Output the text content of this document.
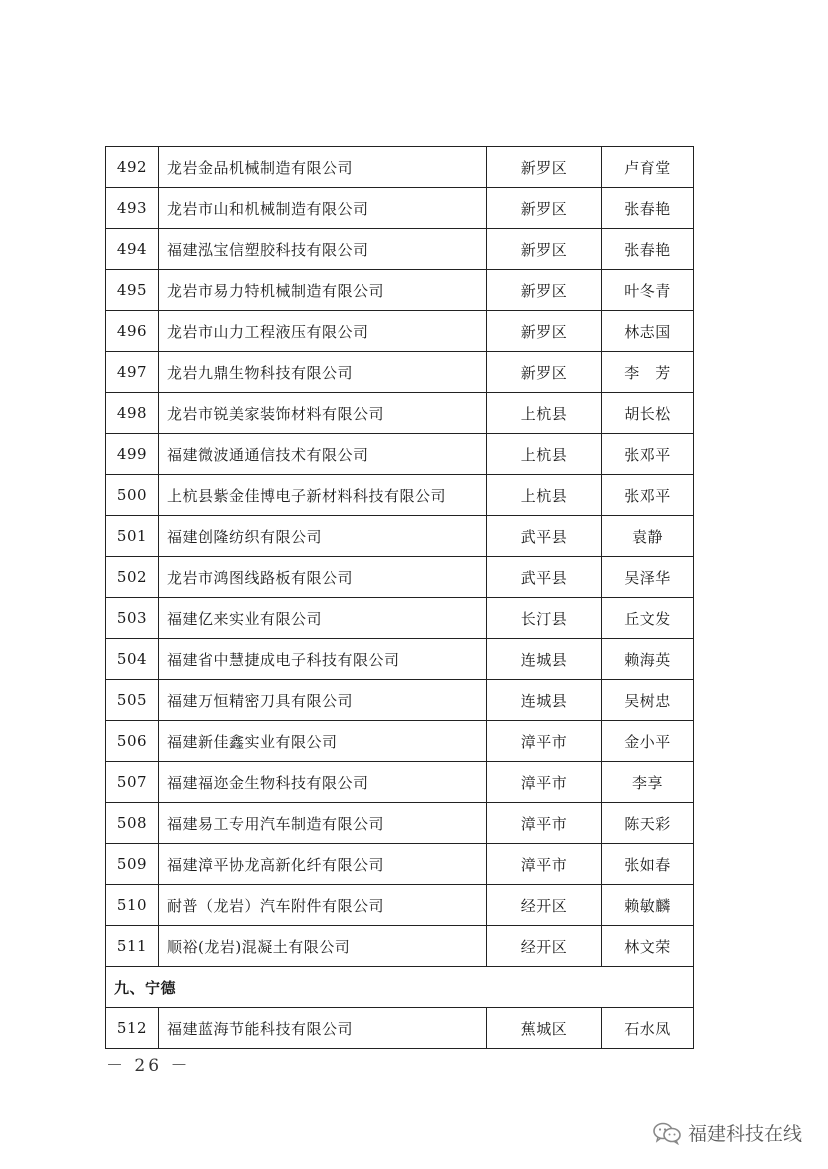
492	龙岩金品机械制造有限公司	新罗区	卢育堂
493	龙岩市山和机械制造有限公司	新罗区	张春艳
494	福建泓宝信塑胶科技有限公司	新罗区	张春艳
495	龙岩市易力特机械制造有限公司	新罗区	叶冬青
496	龙岩市山力工程液压有限公司	新罗区	林志国
497	龙岩九鼎生物科技有限公司	新罗区	李　芳
498	龙岩市锐美家装饰材料有限公司	上杭县	胡长松
499	福建微波通通信技术有限公司	上杭县	张邓平
500	上杭县紫金佳博电子新材料科技有限公司	上杭县	张邓平
501	福建创隆纺织有限公司	武平县	袁静
502	龙岩市鸿图线路板有限公司	武平县	吴泽华
503	福建亿来实业有限公司	长汀县	丘文发
504	福建省中慧捷成电子科技有限公司	连城县	赖海英
505	福建万恒精密刀具有限公司	连城县	吴树忠
506	福建新佳鑫实业有限公司	漳平市	金小平
507	福建福迩金生物科技有限公司	漳平市	李享
508	福建易工专用汽车制造有限公司	漳平市	陈天彩
509	福建漳平协龙高新化纤有限公司	漳平市	张如春
510	耐普（龙岩）汽车附件有限公司	经开区	赖敏麟
511	顺裕(龙岩)混凝土有限公司	经开区	林文荣
九、宁德			
512	福建蓝海节能科技有限公司	蕉城区	石水凤
－ 26 －
福建科技在线
